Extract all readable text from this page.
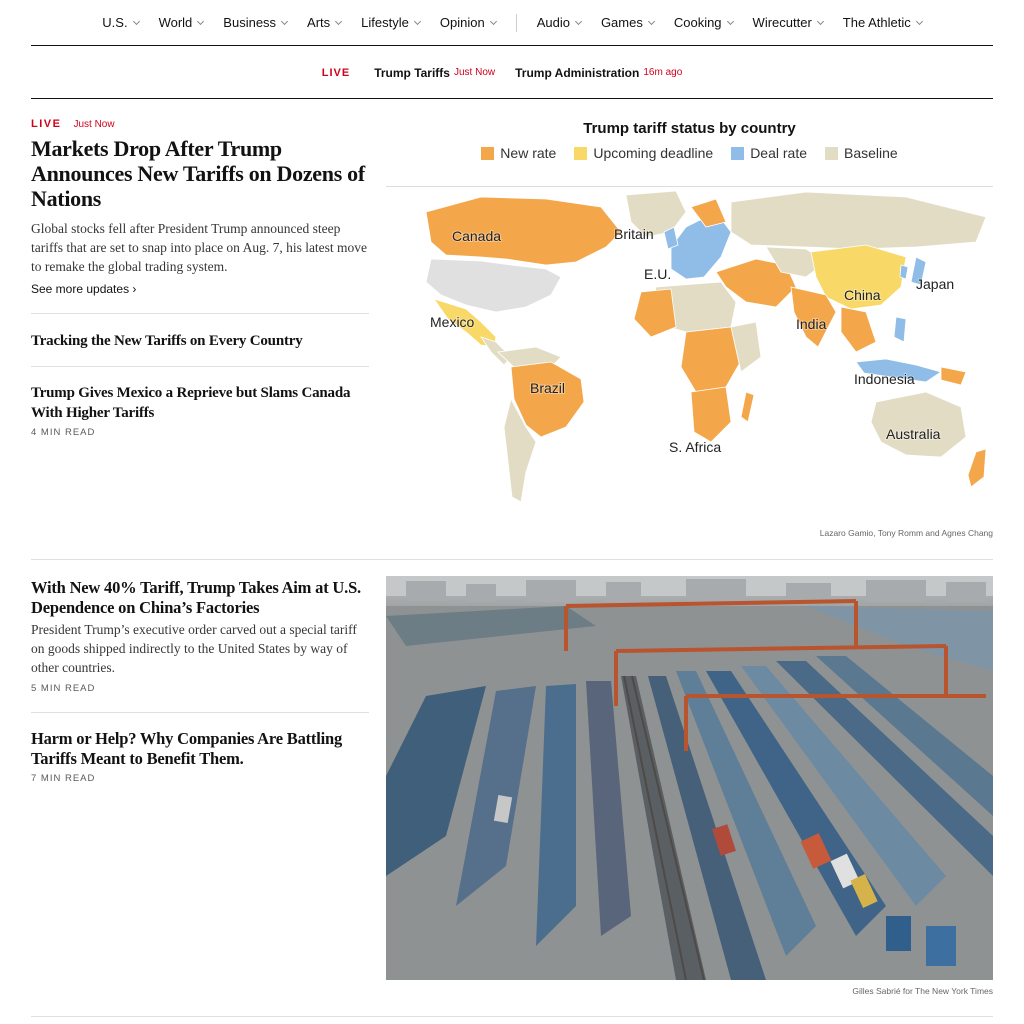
U.S. World Business Arts Lifestyle Opinion	Audio Games Cooking Wirecutter The Athletic
LIVE Trump Tariffs Just Now Trump Administration 16m ago
LIVE Just Now
Markets Drop After Trump Announces New Tariffs on Dozens of Nations

Global stocks fell after President Trump announced steep tariffs that are set to snap into place on Aug. 7, his latest move to remake the global trading system.

See more updates ›
Tracking the New Tariffs on Every Country
Trump Gives Mexico a Reprieve but Slams Canada With Higher Tariffs
4 MIN READ
Trump tariff status by country
New rate	Upcoming deadline	Deal rate	Baseline
Canada	Britain
E.U.
Japan
China
Mexico	India
Indonesia
Brazil
S. Africa
Australia
Lazaro Gamio, Tony Romm and Agnes Chang
With New 40% Tariff, Trump Takes Aim at U.S. Dependence on China’s Factories

President Trump’s executive order carved out a special tariff on goods shipped indirectly to the United States by way of other countries.

5 MIN READ
Harm or Help? Why Companies Are Battling Tariffs Meant to Benefit Them.
7 MIN READ
Gilles Sabrié for The New York Times
